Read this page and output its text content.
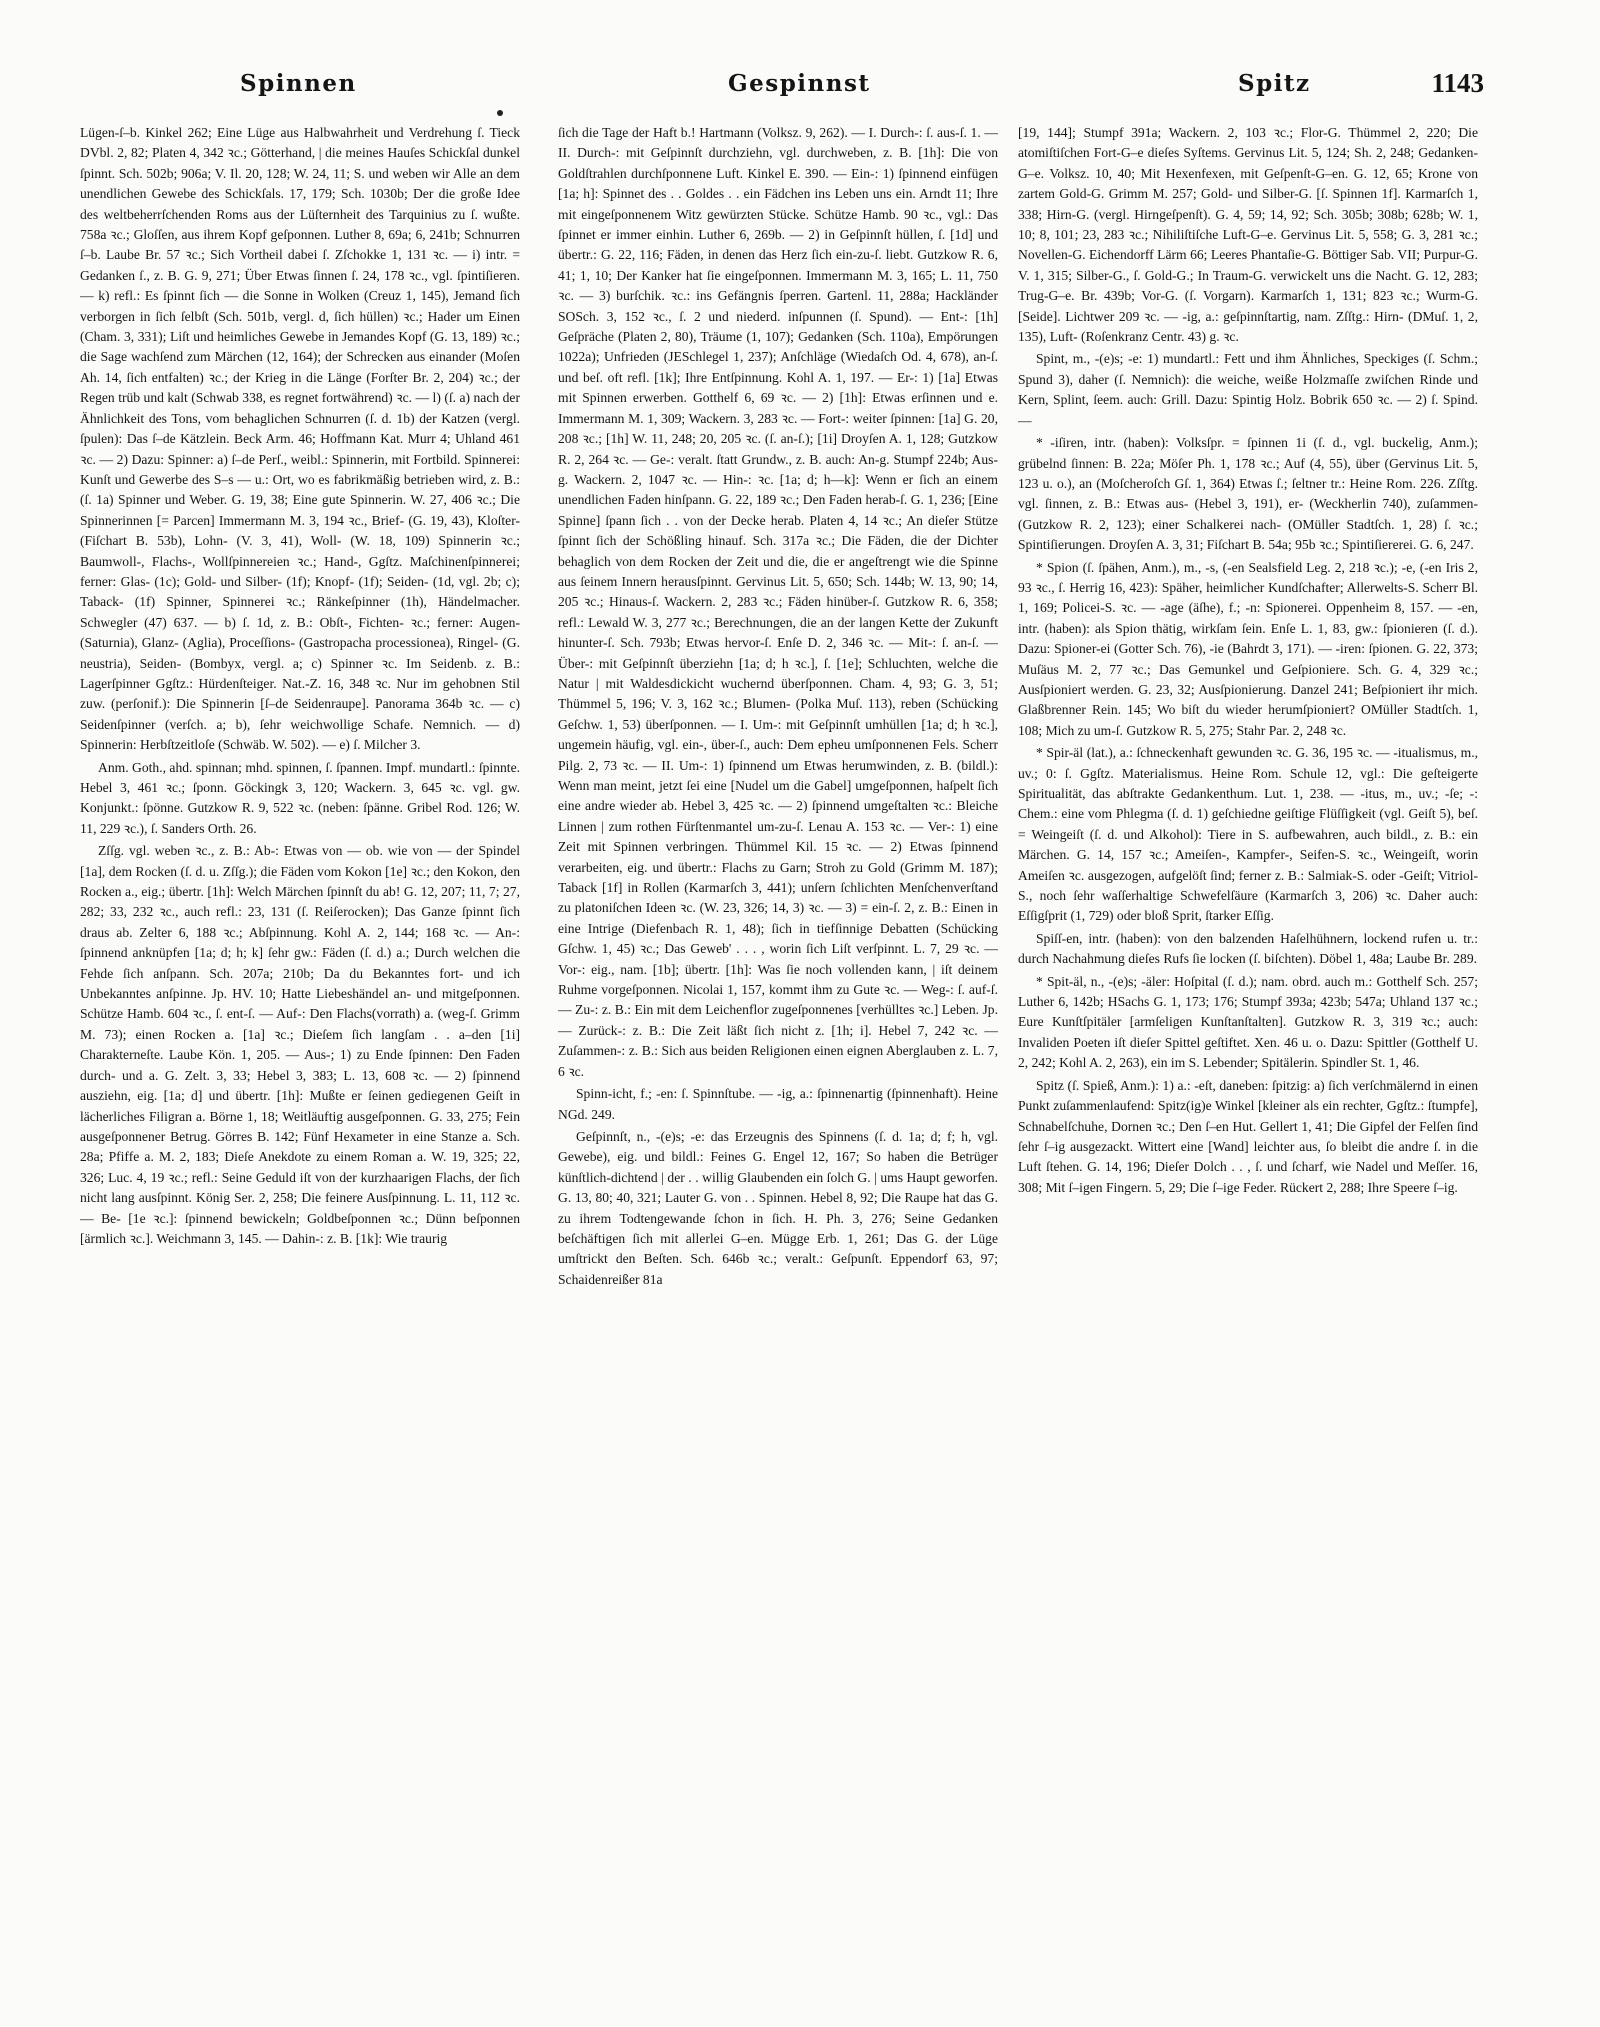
Spinnen	Gespinnst	Spitz	1143

Lügen-ſ–b. Kinkel 262; Eine Lüge aus Halbwahrheit und Verdrehung ſ. Tieck DVbl. 2, 82; Platen 4, 342 ꝛc.; Götterhand, | die meines Hauſes Schickſal dunkel ſpinnt. Sch. 502b; 906a; V. Il. 20, 128; W. 24, 11; S. und weben wir Alle an dem unendlichen Gewebe des Schickſals. 17, 179; Sch. 1030b; Der die große Idee des weltbeherrſchenden Roms aus der Lüſternheit des Tarquinius zu ſ. wußte. 758a ꝛc.; Gloſſen, aus ihrem Kopf geſponnen. Luther 8, 69a; 6, 241b; Schnurren ſ–b. Laube Br. 57 ꝛc.; Sich Vortheil dabei ſ. Zſchokke 1, 131 ꝛc. — i) intr. = Gedanken ſ., z. B. G. 9, 271; Über Etwas ſinnen ſ. 24, 178 ꝛc., vgl. ſpintiſieren. — k) refl.: Es ſpinnt ſich — die Sonne in Wolken (Creuz 1, 145), Jemand ſich verborgen in ſich ſelbſt (Sch. 501b, vergl. d, ſich hüllen) ꝛc.; Hader um Einen (Cham. 3, 331); Liſt und heimliches Gewebe in Jemandes Kopf (G. 13, 189) ꝛc.; die Sage wachſend zum Märchen (12, 164); der Schrecken aus einander (Moſen Ah. 14, ſich entfalten) ꝛc.; der Krieg in die Länge (Forſter Br. 2, 204) ꝛc.; der Regen trüb und kalt (Schwab 338, es regnet fortwährend) ꝛc. — l) (ſ. a) nach der Ähnlichkeit des Tons, vom behaglichen Schnurren (ſ. d. 1b) der Katzen (vergl. ſpulen): Das ſ–de Kätzlein. Beck Arm. 46; Hoffmann Kat. Murr 4; Uhland 461 ꝛc. — 2) Dazu: Spinner: a) ſ–de Perſ., weibl.: Spinnerin, mit Fortbild. Spinnerei: Kunſt und Gewerbe des S–s — u.: Ort, wo es fabrikmäßig betrieben wird, z. B.: (ſ. 1a) Spinner und Weber. G. 19, 38; Eine gute Spinnerin. W. 27, 406 ꝛc.; Die Spinnerinnen [= Parcen] Immermann M. 3, 194 ꝛc., Brief- (G. 19, 43), Kloſter- (Fiſchart B. 53b), Lohn- (V. 3, 41), Woll- (W. 18, 109) Spinnerin ꝛc.; Baumwoll-, Flachs-, Wollſpinnereien ꝛc.; Hand-, Ggſtz. Maſchinenſpinnerei; ferner: Glas- (1c); Gold- und Silber- (1f); Knopf- (1f); Seiden- (1d, vgl. 2b; c); Taback- (1f) Spinner, Spinnerei ꝛc.; Ränkeſpinner (1h), Händelmacher. Schwegler (47) 637. — b) ſ. 1d, z. B.: Obſt-, Fichten- ꝛc.; ferner: Augen- (Saturnia), Glanz- (Aglia), Proceſſions- (Gastropacha processionea), Ringel- (G. neustria), Seiden- (Bombyx, vergl. a; c) Spinner ꝛc. Im Seidenb. z. B.: Lagerſpinner Ggſtz.: Hürdenſteiger. Nat.-Z. 16, 348 ꝛc. Nur im gehobnen Stil zuw. (perſonif.): Die Spinnerin [ſ–de Seidenraupe]. Panorama 364b ꝛc. — c) Seidenſpinner (verſch. a; b), ſehr weichwollige Schafe. Nemnich. — d) Spinnerin: Herbſtzeitloſe (Schwäb. W. 502). — e) ſ. Milcher 3.

Anm. Goth., ahd. spinnan; mhd. spinnen, ſ. ſpannen. Impf. mundartl.: ſpinnte. Hebel 3, 461 ꝛc.; ſponn. Göckingk 3, 120; Wackern. 3, 645 ꝛc. vgl. gw. Konjunkt.: ſpönne. Gutzkow R. 9, 522 ꝛc. (neben: ſpänne. Gribel Rod. 126; W. 11, 229 ꝛc.), ſ. Sanders Orth. 26.

Zſſg. vgl. weben ꝛc., z. B.: Ab-: Etwas von — ob. wie von — der Spindel [1a], dem Rocken (ſ. d. u. Zſſg.); die Fäden vom Kokon [1e] ꝛc.; den Kokon, den Rocken a., eig.; übertr. [1h]: Welch Märchen ſpinnſt du ab! G. 12, 207; 11, 7; 27, 282; 33, 232 ꝛc., auch refl.: 23, 131 (ſ. Reiſerocken); Das Ganze ſpinnt ſich draus ab. Zelter 6, 188 ꝛc.; Abſpinnung. Kohl A. 2, 144; 168 ꝛc. — An-: ſpinnend anknüpfen [1a; d; h; k] ſehr gw.: Fäden (ſ. d.) a.; Durch welchen die Fehde ſich anſpann. Sch. 207a; 210b; Da du Bekanntes fort- und ich Unbekanntes anſpinne. Jp. HV. 10; Hatte Liebeshändel an- und mitgeſponnen. Schütze Hamb. 604 ꝛc., ſ. ent-ſ. — Auf-: Den Flachs(vorrath) a. (weg-ſ. Grimm M. 73); einen Rocken a. [1a] ꝛc.; Dieſem ſich langſam . . a–den [1i] Charakterneſte. Laube Kön. 1, 205. — Aus-; 1) zu Ende ſpinnen: Den Faden durch- und a. G. Zelt. 3, 33; Hebel 3, 383; L. 13, 608 ꝛc. — 2) ſpinnend ausziehn, eig. [1a; d] und übertr. [1h]: Mußte er ſeinen gediegenen Geiſt in lächerliches Filigran a. Börne 1, 18; Weitläuftig ausgeſponnen. G. 33, 275; Fein ausgeſponnener Betrug. Görres B. 142; Fünf Hexameter in eine Stanze a. Sch. 28a; Pfiffe a. M. 2, 183; Dieſe Anekdote zu einem Roman a. W. 19, 325; 22, 326; Luc. 4, 19 ꝛc.; refl.: Seine Geduld iſt von der kurzhaarigen Flachs, der ſich nicht lang ausſpinnt. König Ser. 2, 258; Die feinere Ausſpinnung. L. 11, 112 ꝛc. — Be- [1e ꝛc.]: ſpinnend bewickeln; Goldbeſponnen ꝛc.; Dünn beſponnen [ärmlich ꝛc.]. Weichmann 3, 145. — Dahin-: z. B. [1k]: Wie traurig

ſich die Tage der Haft b.! Hartmann (Volksz. 9, 262). — I. Durch-: ſ. aus-ſ. 1. — II. Durch-: mit Geſpinnſt durchziehn, vgl. durchweben, z. B. [1h]: Die von Goldſtrahlen durchſponnene Luft. Kinkel E. 390. — Ein-: 1) ſpinnend einfügen [1a; h]: Spinnet des . . Goldes . . ein Fädchen ins Leben uns ein. Arndt 11; Ihre mit eingeſponnenem Witz gewürzten Stücke. Schütze Hamb. 90 ꝛc., vgl.: Das ſpinnet er immer einhin. Luther 6, 269b. — 2) in Geſpinnſt hüllen, ſ. [1d] und übertr.: G. 22, 116; Fäden, in denen das Herz ſich ein-zu-ſ. liebt. Gutzkow R. 6, 41; 1, 10; Der Kanker hat ſie eingeſponnen. Immermann M. 3, 165; L. 11, 750 ꝛc. — 3) burſchik. ꝛc.: ins Gefängnis ſperren. Gartenl. 11, 288a; Hackländer SOSch. 3, 152 ꝛc., ſ. 2 und niederd. inſpunnen (ſ. Spund). — Ent-: [1h] Geſpräche (Platen 2, 80), Träume (1, 107); Gedanken (Sch. 110a), Empörungen 1022a); Unfrieden (JESchlegel 1, 237); Anſchläge (Wiedaſch Od. 4, 678), an-ſ. und beſ. oft refl. [1k]; Ihre Entſpinnung. Kohl A. 1, 197. — Er-: 1) [1a] Etwas mit Spinnen erwerben. Gotthelf 6, 69 ꝛc. — 2) [1h]: Etwas erſinnen und e. Immermann M. 1, 309; Wackern. 3, 283 ꝛc. — Fort-: weiter ſpinnen: [1a] G. 20, 208 ꝛc.; [1h] W. 11, 248; 20, 205 ꝛc. (ſ. an-ſ.); [1i] Droyſen A. 1, 128; Gutzkow R. 2, 264 ꝛc. — Ge-: veralt. ſtatt Grundw., z. B. auch: An-g. Stumpf 224b; Aus-g. Wackern. 2, 1047 ꝛc. — Hin-: ꝛc. [1a; d; h—k]: Wenn er ſich an einem unendlichen Faden hinſpann. G. 22, 189 ꝛc.; Den Faden herab-ſ. G. 1, 236; [Eine Spinne] ſpann ſich . . von der Decke herab. Platen 4, 14 ꝛc.; An dieſer Stütze ſpinnt ſich der Schößling hinauf. Sch. 317a ꝛc.; Die Fäden, die der Dichter behaglich von dem Rocken der Zeit und die, die er angeſtrengt wie die Spinne aus ſeinem Innern herausſpinnt. Gervinus Lit. 5, 650; Sch. 144b; W. 13, 90; 14, 205 ꝛc.; Hinaus-ſ. Wackern. 2, 283 ꝛc.; Fäden hinüber-ſ. Gutzkow R. 6, 358; refl.: Lewald W. 3, 277 ꝛc.; Berechnungen, die an der langen Kette der Zukunft hinunter-ſ. Sch. 793b; Etwas hervor-ſ. Enſe D. 2, 346 ꝛc. — Mit-: ſ. an-ſ. — Über-: mit Geſpinnſt überziehn [1a; d; h ꝛc.], ſ. [1e]; Schluchten, welche die Natur | mit Waldesdickicht wuchernd überſponnen. Cham. 4, 93; G. 3, 51; Thümmel 5, 196; V. 3, 162 ꝛc.; Blumen- (Polka Muſ. 113), reben (Schücking Geſchw. 1, 53) überſponnen. — I. Um-: mit Geſpinnſt umhüllen [1a; d; h ꝛc.], ungemein häufig, vgl. ein-, über-ſ., auch: Dem epheu umſponnenen Fels. Scherr Pilg. 2, 73 ꝛc. — II. Um-: 1) ſpinnend um Etwas herumwinden, z. B. (bildl.): Wenn man meint, jetzt ſei eine [Nudel um die Gabel] umgeſponnen, haſpelt ſich eine andre wieder ab. Hebel 3, 425 ꝛc. — 2) ſpinnend umgeſtalten ꝛc.: Bleiche Linnen | zum rothen Fürſtenmantel um-zu-ſ. Lenau A. 153 ꝛc. — Ver-: 1) eine Zeit mit Spinnen verbringen. Thümmel Kil. 15 ꝛc. — 2) Etwas ſpinnend verarbeiten, eig. und übertr.: Flachs zu Garn; Stroh zu Gold (Grimm M. 187); Taback [1f] in Rollen (Karmarſch 3, 441); unſern ſchlichten Menſchenverſtand zu platoniſchen Ideen ꝛc. (W. 23, 326; 14, 3) ꝛc. — 3) = ein-ſ. 2, z. B.: Einen in eine Intrige (Diefenbach R. 1, 48); ſich in tiefſinnige Debatten (Schücking Gſchw. 1, 45) ꝛc.; Das Geweb' . . . , worin ſich Liſt verſpinnt. L. 7, 29 ꝛc. — Vor-: eig., nam. [1b]; übertr. [1h]: Was ſie noch vollenden kann, | iſt deinem Ruhme vorgeſponnen. Nicolai 1, 157, kommt ihm zu Gute ꝛc. — Weg-: ſ. auf-ſ. — Zu-: z. B.: Ein mit dem Leichenflor zugeſponnenes [verhülltes ꝛc.] Leben. Jp. — Zurück-: z. B.: Die Zeit läßt ſich nicht z. [1h; i]. Hebel 7, 242 ꝛc. — Zuſammen-: z. B.: Sich aus beiden Religionen einen eignen Aberglauben z. L. 7, 6 ꝛc.

Spinn-icht, f.; -en: ſ. Spinnſtube. — -ig, a.: ſpinnenartig (ſpinnenhaft). Heine NGd. 249.

Geſpinnſt, n., -(e)s; -e: das Erzeugnis des Spinnens (ſ. d. 1a; d; f; h, vgl. Gewebe), eig. und bildl.: Feines G. Engel 12, 167; So haben die Betrüger künſtlich-dichtend | der . . willig Glaubenden ein ſolch G. | ums Haupt geworfen. G. 13, 80; 40, 321; Lauter G. von . . Spinnen. Hebel 8, 92; Die Raupe hat das G. zu ihrem Todtengewande ſchon in ſich. H. Ph. 3, 276; Seine Gedanken beſchäftigen ſich mit allerlei G–en. Mügge Erb. 1, 261; Das G. der Lüge umſtrickt den Beſten. Sch. 646b ꝛc.; veralt.: Geſpunſt. Eppendorf 63, 97; Schaidenreißer 81a

[19, 144]; Stumpf 391a; Wackern. 2, 103 ꝛc.; Flor-G. Thümmel 2, 220; Die atomiſtiſchen Fort-G–e dieſes Syſtems. Gervinus Lit. 5, 124; Sh. 2, 248; Gedanken-G–e. Volksz. 10, 40; Mit Hexenfexen, mit Geſpenſt-G–en. G. 12, 65; Krone von zartem Gold-G. Grimm M. 257; Gold- und Silber-G. [ſ. Spinnen 1f]. Karmarſch 1, 338; Hirn-G. (vergl. Hirngeſpenſt). G. 4, 59; 14, 92; Sch. 305b; 308b; 628b; W. 1, 10; 8, 101; 23, 283 ꝛc.; Nihiliſtiſche Luft-G–e. Gervinus Lit. 5, 558; G. 3, 281 ꝛc.; Novellen-G. Eichendorff Lärm 66; Leeres Phantaſie-G. Böttiger Sab. VII; Purpur-G. V. 1, 315; Silber-G., ſ. Gold-G.; In Traum-G. verwickelt uns die Nacht. G. 12, 283; Trug-G–e. Br. 439b; Vor-G. (ſ. Vorgarn). Karmarſch 1, 131; 823 ꝛc.; Wurm-G. [Seide]. Lichtwer 209 ꝛc. — -ig, a.: geſpinnſtartig, nam. Zſſtg.: Hirn- (DMuſ. 1, 2, 135), Luft- (Roſenkranz Centr. 43) g. ꝛc.

Spint, m., -(e)s; -e: 1) mundartl.: Fett und ihm Ähnliches, Speckiges (ſ. Schm.; Spund 3), daher (ſ. Nemnich): die weiche, weiße Holzmaſſe zwiſchen Rinde und Kern, Splint, ſeem. auch: Grill. Dazu: Spintig Holz. Bobrik 650 ꝛc. — 2) ſ. Spind. —

* -iſiren, intr. (haben): Volksſpr. = ſpinnen 1i (ſ. d., vgl. buckelig, Anm.); grübelnd ſinnen: B. 22a; Möſer Ph. 1, 178 ꝛc.; Auf (4, 55), über (Gervinus Lit. 5, 123 u. o.), an (Moſcheroſch Gſ. 1, 364) Etwas ſ.; ſeltner tr.: Heine Rom. 226. Zſſtg. vgl. ſinnen, z. B.: Etwas aus- (Hebel 3, 191), er- (Weckherlin 740), zuſammen- (Gutzkow R. 2, 123); einer Schalkerei nach- (OMüller Stadtſch. 1, 28) ſ. ꝛc.; Spintiſierungen. Droyſen A. 3, 31; Fiſchart B. 54a; 95b ꝛc.; Spintiſiererei. G. 6, 247.

* Spion (ſ. ſpähen, Anm.), m., -s, (-en Sealsfield Leg. 2, 218 ꝛc.); -e, (-en Iris 2, 93 ꝛc., ſ. Herrig 16, 423): Späher, heimlicher Kundſchafter; Allerwelts-S. Scherr Bl. 1, 169; Policei-S. ꝛc. — -age (äſhe), f.; -n: Spionerei. Oppenheim 8, 157. — -en, intr. (haben): als Spion thätig, wirkſam ſein. Enſe L. 1, 83, gw.: ſpionieren (ſ. d.). Dazu: Spioner-ei (Gotter Sch. 76), -ie (Bahrdt 3, 171). — -iren: ſpionen. G. 22, 373; Muſäus M. 2, 77 ꝛc.; Das Gemunkel und Geſpioniere. Sch. G. 4, 329 ꝛc.; Ausſpioniert werden. G. 23, 32; Ausſpionierung. Danzel 241; Beſpioniert ihr mich. Glaßbrenner Rein. 145; Wo biſt du wieder herumſpioniert? OMüller Stadtſch. 1, 108; Mich zu um-ſ. Gutzkow R. 5, 275; Stahr Par. 2, 248 ꝛc.

* Spir-äl (lat.), a.: ſchneckenhaft gewunden ꝛc. G. 36, 195 ꝛc. — -itualismus, m., uv.; 0: ſ. Ggſtz. Materialismus. Heine Rom. Schule 12, vgl.: Die geſteigerte Spiritualität, das abſtrakte Gedankenthum. Lut. 1, 238. — -itus, m., uv.; -ſe; -: Chem.: eine vom Phlegma (ſ. d. 1) geſchiedne geiſtige Flüſſigkeit (vgl. Geiſt 5), beſ. = Weingeiſt (ſ. d. und Alkohol): Tiere in S. aufbewahren, auch bildl., z. B.: ein Märchen. G. 14, 157 ꝛc.; Ameiſen-, Kampfer-, Seifen-S. ꝛc., Weingeiſt, worin Ameiſen ꝛc. ausgezogen, aufgelöſt ſind; ferner z. B.: Salmiak-S. oder -Geiſt; Vitriol-S., noch ſehr waſſerhaltige Schwefelſäure (Karmarſch 3, 206) ꝛc. Daher auch: Eſſigſprit (1, 729) oder bloß Sprit, ſtarker Eſſig.

Spiſſ-en, intr. (haben): von den balzenden Haſelhühnern, lockend rufen u. tr.: durch Nachahmung dieſes Rufs ſie locken (ſ. biſchten). Döbel 1, 48a; Laube Br. 289.

* Spit-äl, n., -(e)s; -äler: Hoſpital (ſ. d.); nam. obrd. auch m.: Gotthelf Sch. 257; Luther 6, 142b; HSachs G. 1, 173; 176; Stumpf 393a; 423b; 547a; Uhland 137 ꝛc.; Eure Kunſtſpitäler [armſeligen Kunſtanſtalten]. Gutzkow R. 3, 319 ꝛc.; auch: Invaliden Poeten iſt dieſer Spittel geſtiftet. Xen. 46 u. o. Dazu: Spittler (Gotthelf U. 2, 242; Kohl A. 2, 263), ein im S. Lebender; Spitälerin. Spindler St. 1, 46.

Spitz (ſ. Spieß, Anm.): 1) a.: -eſt, daneben: ſpitzig: a) ſich verſchmälernd in einen Punkt zuſammenlaufend: Spitz(ig)e Winkel [kleiner als ein rechter, Ggſtz.: ſtumpfe], Schnabelſchuhe, Dornen ꝛc.; Den ſ–en Hut. Gellert 1, 41; Die Gipfel der Felſen ſind ſehr ſ–ig ausgezackt. Wittert eine [Wand] leichter aus, ſo bleibt die andre ſ. in die Luft ſtehen. G. 14, 196; Dieſer Dolch . . , ſ. und ſcharf, wie Nadel und Meſſer. 16, 308; Mit ſ–igen Fingern. 5, 29; Die ſ–ige Feder. Rückert 2, 288; Ihre Speere ſ–ig.
